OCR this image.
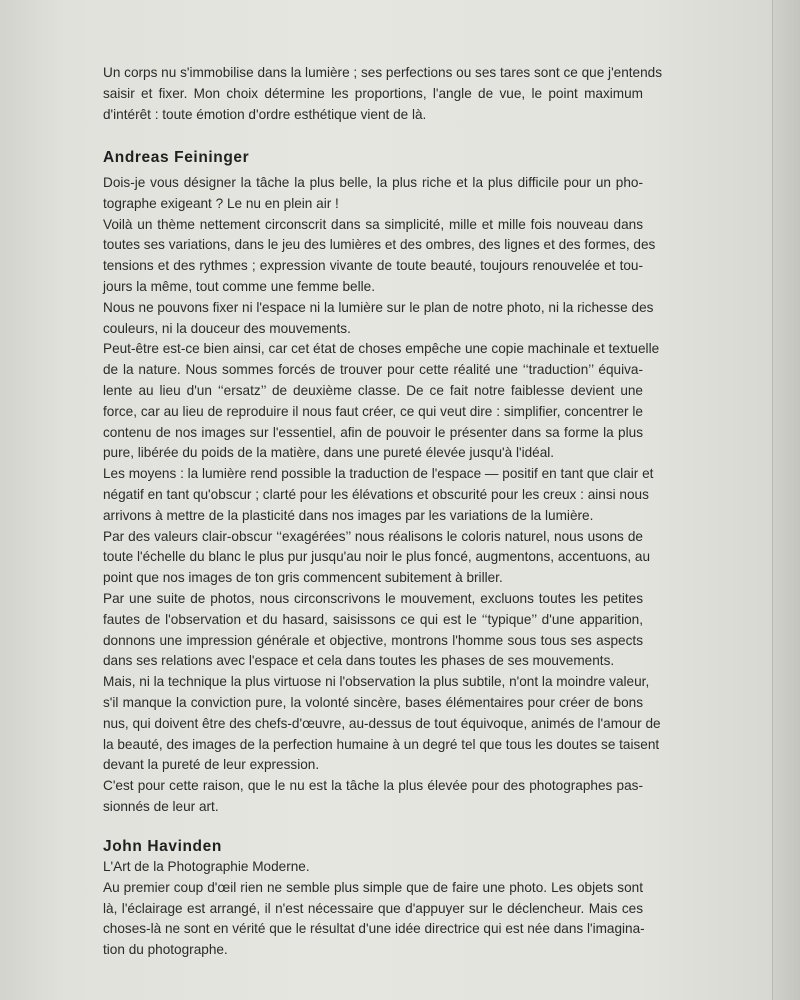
Un corps nu s'immobilise dans la lumière ; ses perfections ou ses tares sont ce que j'entends
saisir et fixer. Mon choix détermine les proportions, l'angle de vue, le point maximum
d'intérêt : toute émotion d'ordre esthétique vient de là.
Andreas Feininger
Dois-je vous désigner la tâche la plus belle, la plus riche et la plus difficile pour un pho-
tographe exigeant ? Le nu en plein air !
Voilà un thème nettement circonscrit dans sa simplicité, mille et mille fois nouveau dans
toutes ses variations, dans le jeu des lumières et des ombres, des lignes et des formes, des
tensions et des rythmes ; expression vivante de toute beauté, toujours renouvelée et tou-
jours la même, tout comme une femme belle.
Nous ne pouvons fixer ni l'espace ni la lumière sur le plan de notre photo, ni la richesse des
couleurs, ni la douceur des mouvements.
Peut-être est-ce bien ainsi, car cet état de choses empêche une copie machinale et textuelle
de la nature. Nous sommes forcés de trouver pour cette réalité une ‘‘traduction’’ équiva-
lente au lieu d'un ‘‘ersatz’’ de deuxième classe. De ce fait notre faiblesse devient une
force, car au lieu de reproduire il nous faut créer, ce qui veut dire : simplifier, concentrer le
contenu de nos images sur l'essentiel, afin de pouvoir le présenter dans sa forme la plus
pure, libérée du poids de la matière, dans une pureté élevée jusqu'à l'idéal.
Les moyens : la lumière rend possible la traduction de l'espace — positif en tant que clair et
négatif en tant qu'obscur ; clarté pour les élévations et obscurité pour les creux : ainsi nous
arrivons à mettre de la plasticité dans nos images par les variations de la lumière.
Par des valeurs clair-obscur ‘‘exagérées’’ nous réalisons le coloris naturel, nous usons de
toute l'échelle du blanc le plus pur jusqu'au noir le plus foncé, augmentons, accentuons, au
point que nos images de ton gris commencent subitement à briller.
Par une suite de photos, nous circonscrivons le mouvement, excluons toutes les petites
fautes de l'observation et du hasard, saisissons ce qui est le ‘‘typique’’ d'une apparition,
donnons une impression générale et objective, montrons l'homme sous tous ses aspects
dans ses relations avec l'espace et cela dans toutes les phases de ses mouvements.
Mais, ni la technique la plus virtuose ni l'observation la plus subtile, n'ont la moindre valeur,
s'il manque la conviction pure, la volonté sincère, bases élémentaires pour créer de bons
nus, qui doivent être des chefs-d'œuvre, au-dessus de tout équivoque, animés de l'amour de
la beauté, des images de la perfection humaine à un degré tel que tous les doutes se taisent
devant la pureté de leur expression.
C'est pour cette raison, que le nu est la tâche la plus élevée pour des photographes pas-
sionnés de leur art.
John Havinden
L'Art de la Photographie Moderne.
Au premier coup d'œil rien ne semble plus simple que de faire une photo. Les objets sont
là, l'éclairage est arrangé, il n'est nécessaire que d'appuyer sur le déclencheur. Mais ces
choses-là ne sont en vérité que le résultat d'une idée directrice qui est née dans l'imagina-
tion du photographe.
